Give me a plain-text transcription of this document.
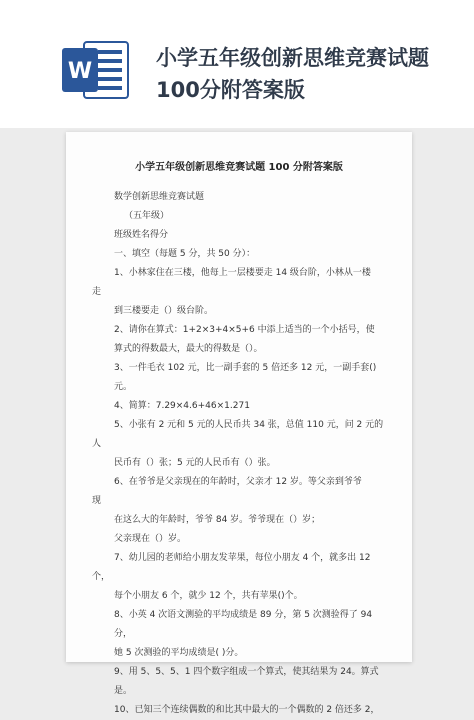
W
小学五年级创新思维竞赛试题
100分附答案版
小学五年级创新思维竞赛试题 100 分附答案版
数学创新思维竞赛试题
（五年级）
班级姓名得分
一、填空（每题 5 分，共 50 分）：
1、小林家住在三楼，他每上一层楼要走 14 级台阶，小林从一楼
走
到三楼要走（）级台阶。
2、请你在算式：1+2×3+4×5+6 中添上适当的一个小括号，使
算式的得数最大，最大的得数是（）。
3、一件毛衣 102 元，比一副手套的 5 倍还多 12 元，一副手套()
元。
4、简算：7.29×4.6+46×1.271
5、小张有 2 元和 5 元的人民币共 34 张，总值 110 元，问 2 元的
人
民币有（）张；5 元的人民币有（）张。
6、在爷爷是父亲现在的年龄时，父亲才 12 岁。等父亲到爷爷
现
在这么大的年龄时，爷爷 84 岁。爷爷现在（）岁；
父亲现在（）岁。
7、幼儿园的老师给小朋友发苹果，每位小朋友 4 个，就多出 12
个，
每个小朋友 6 个，就少 12 个，共有苹果()个。
8、小英 4 次语文测验的平均成绩是 89 分，第 5 次测验得了 94
分，
她 5 次测验的平均成绩是( )分。
9、用 5、5、5、1 四个数字组成一个算式，使其结果为 24。算式
是。
10、已知三个连续偶数的和比其中最大的一个偶数的 2 倍还多 2，
